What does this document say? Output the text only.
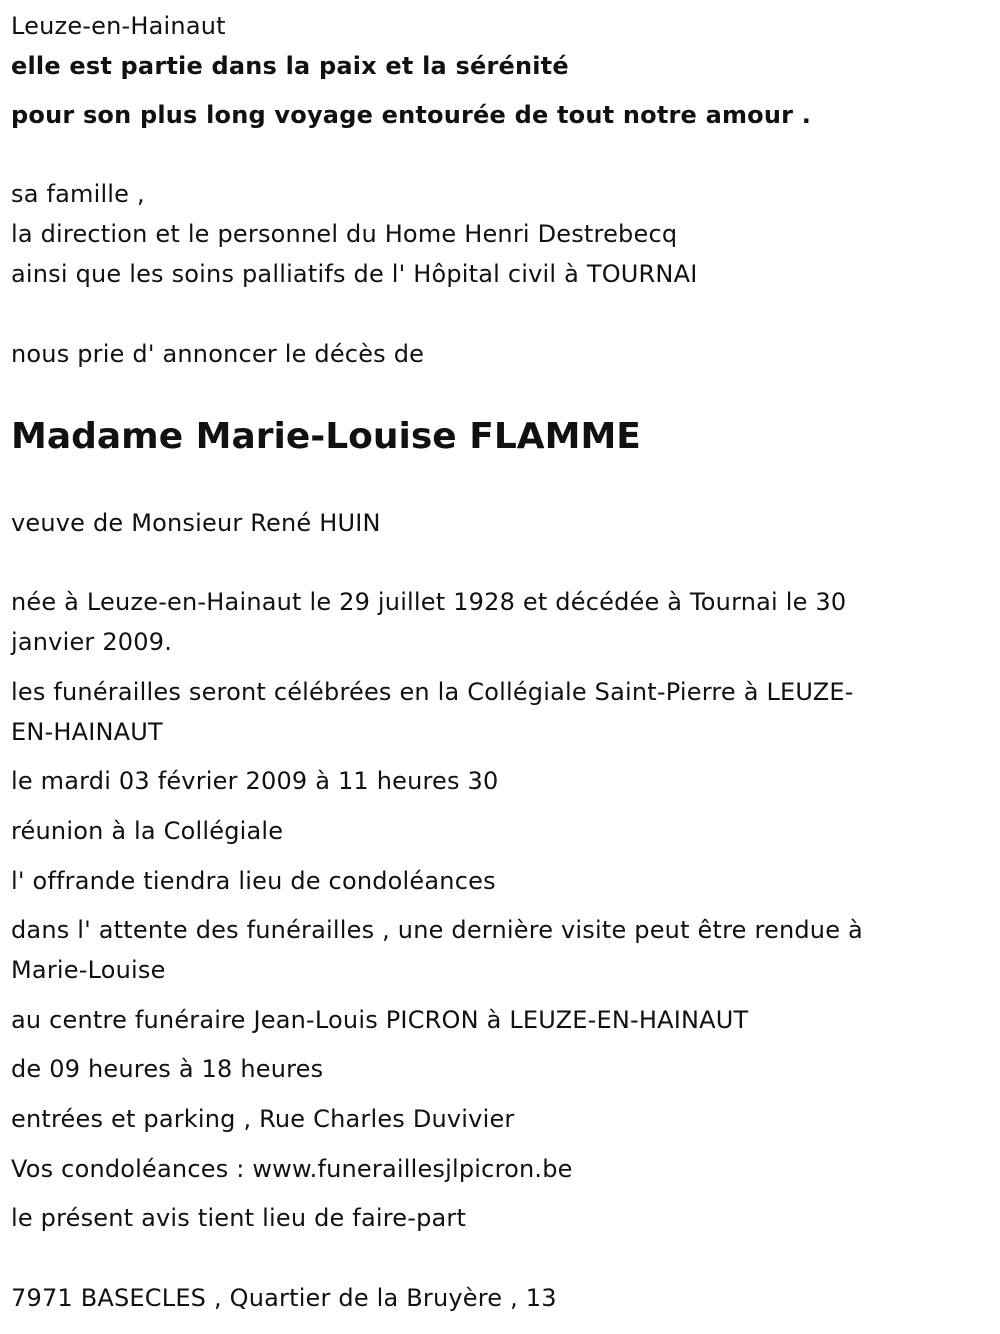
Leuze-en-Hainaut
elle est partie dans la paix et la sérénité
pour son plus long voyage entourée de tout notre amour .
sa famille ,
la direction et le personnel du Home Henri Destrebecq
ainsi que les soins palliatifs de l' Hôpital civil à TOURNAI
nous prie d' annoncer le décès de
Madame Marie-Louise FLAMME
veuve de Monsieur René HUIN
née à Leuze-en-Hainaut le 29 juillet 1928 et décédée à Tournai le 30
janvier 2009.
les funérailles seront célébrées en la Collégiale Saint-Pierre à LEUZE-
EN-HAINAUT
le mardi 03 février 2009 à 11 heures 30
réunion à la Collégiale
l' offrande tiendra lieu de condoléances
dans l' attente des funérailles , une dernière visite peut être rendue à
Marie-Louise
au centre funéraire Jean-Louis PICRON à LEUZE-EN-HAINAUT
de 09 heures à 18 heures
entrées et parking , Rue Charles Duvivier
Vos condoléances : www.funeraillesjlpicron.be
le présent avis tient lieu de faire-part
7971 BASECLES , Quartier de la Bruyère , 13
